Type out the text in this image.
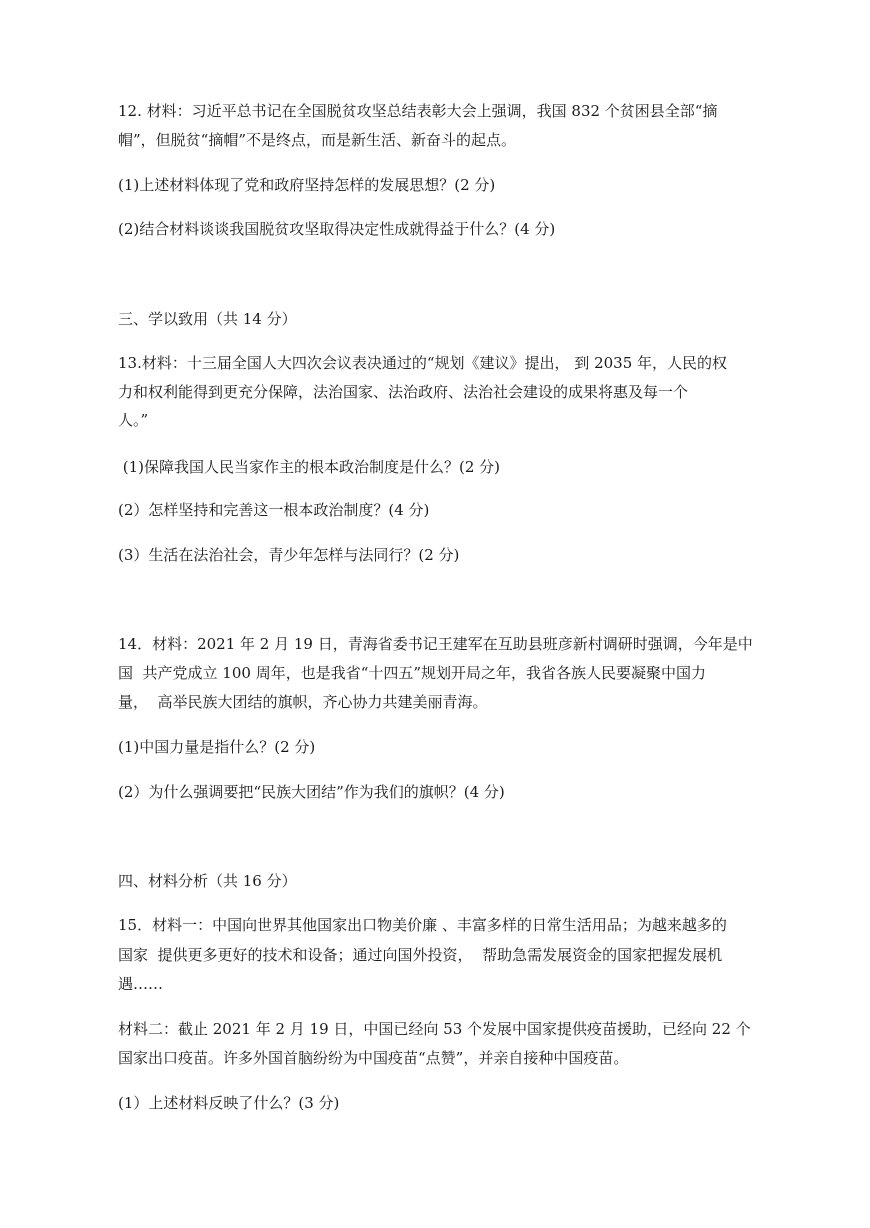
12. 材料：习近平总书记在全国脱贫攻坚总结表彰大会上强调，我国 832 个贫困县全部“摘
帽”，但脱贫“摘帽”不是终点，而是新生活、新奋斗的起点。
(1)上述材料体现了党和政府坚持怎样的发展思想？(2 分)
(2)结合材料谈谈我国脱贫攻坚取得决定性成就得益于什么？(4 分)
三、学以致用（共 14 分）
13.材料：十三届全国人大四次会议表决通过的“规划《建议》提出， 到 2035 年，人民的权
力和权利能得到更充分保障，法治国家、法治政府、法治社会建设的成果将惠及每一个
人。”
(1)保障我国人民当家作主的根本政治制度是什么？(2 分)
(2）怎样坚持和完善这一根本政治制度？(4 分)
(3）生活在法治社会，青少年怎样与法同行？(2 分)
14．材料：2021 年 2 月 19 日，青海省委书记王建军在互助县班彦新村调研时强调，今年是中
国  共产党成立 100 周年，也是我省“十四五”规划开局之年，我省各族人民要凝聚中国力
量，  高举民族大团结的旗帜，齐心协力共建美丽青海。
(1)中国力量是指什么？(2 分)
(2）为什么强调要把“民族大团结”作为我们的旗帜？(4 分)
四、材料分析（共 16 分）
15．材料一：中国向世界其他国家出口物美价廉 、丰富多样的日常生活用品；为越来越多的
国家  提供更多更好的技术和设备；通过向国外投资，  帮助急需发展资金的国家把握发展机
遇……
材料二：截止 2021 年 2 月 19 日，中国已经向 53 个发展中国家提供疫苗援助，已经向 22 个
国家出口疫苗。许多外国首脑纷纷为中国疫苗“点赞”，并亲自接种中国疫苗。
(1）上述材料反映了什么？(3 分)
